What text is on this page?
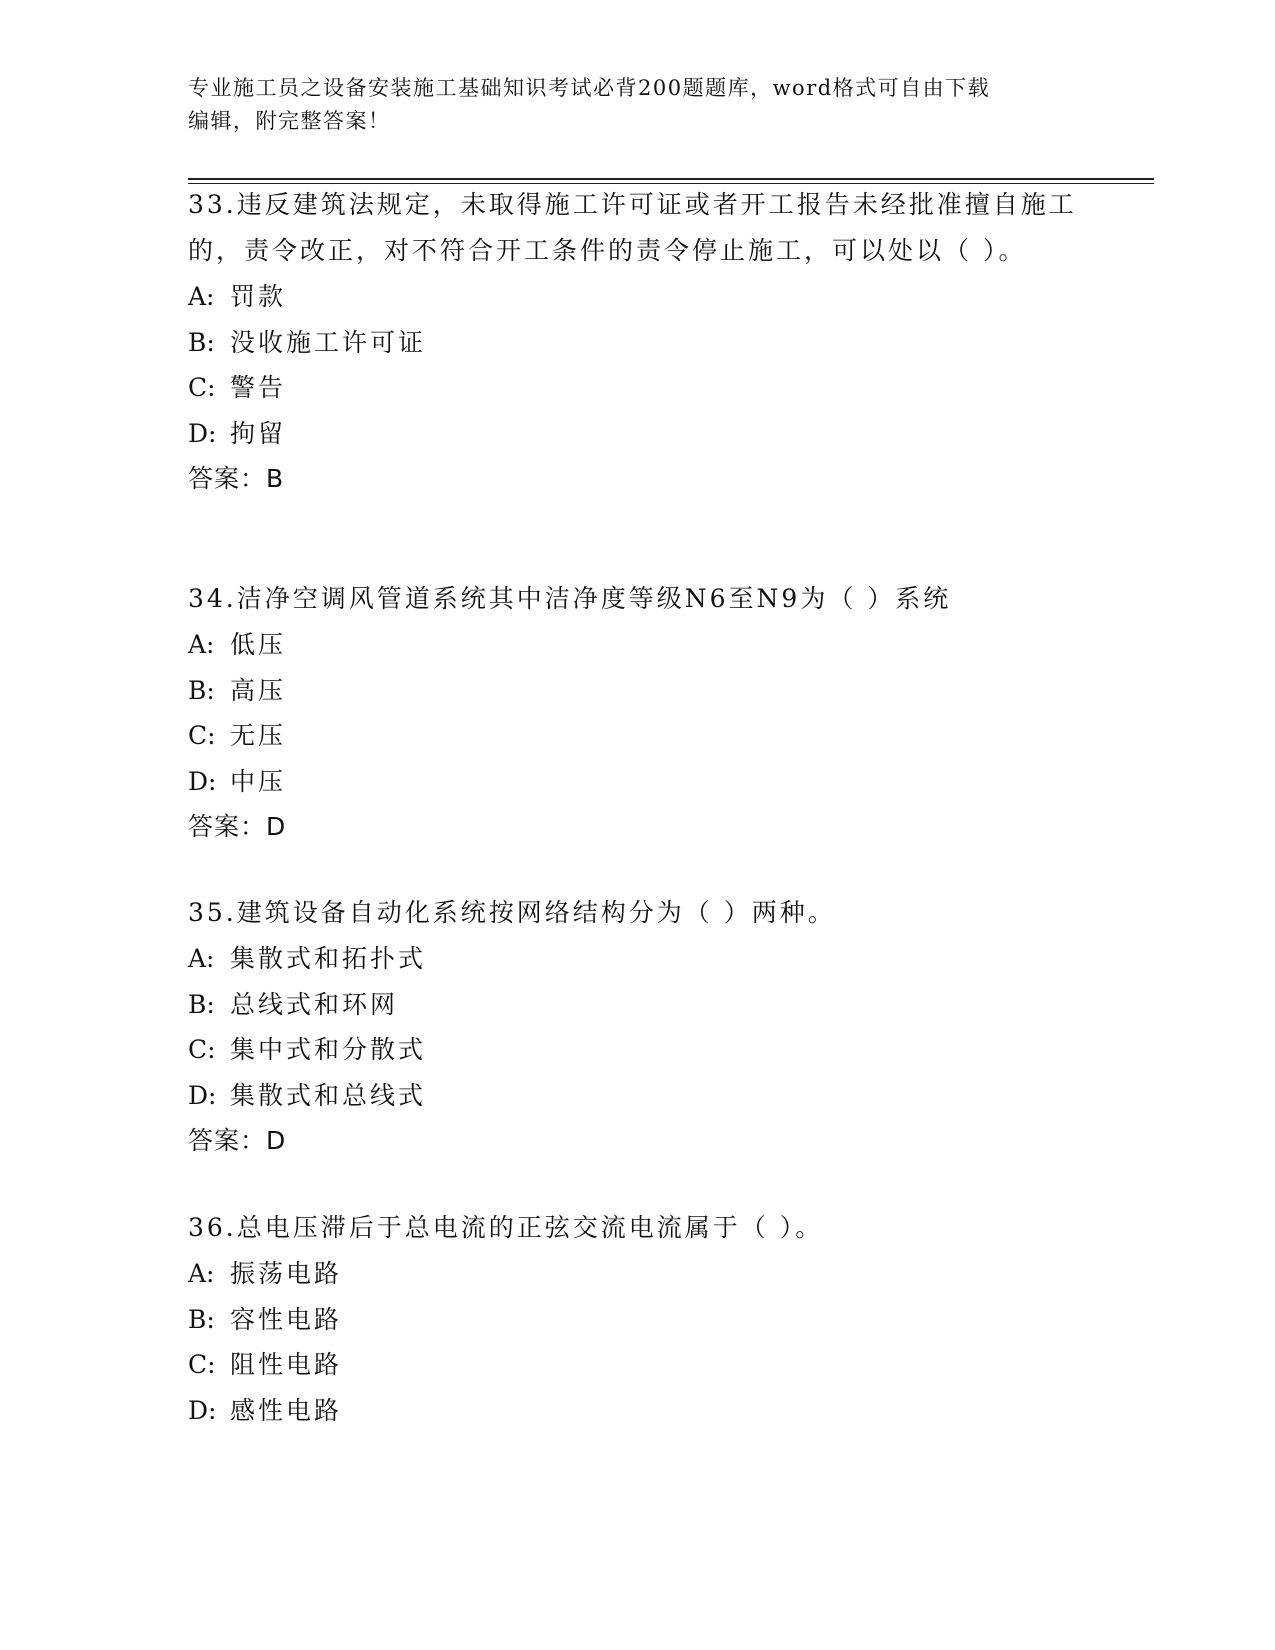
专业施工员之设备安装施工基础知识考试必背200题题库，word格式可自由下载
编辑，附完整答案！

33.违反建筑法规定，未取得施工许可证或者开工报告未经批准擅自施工的，责令改正，对不符合开工条件的责令停止施工，可以处以（ ）。

A: 罚款

B: 没收施工许可证

C: 警告

D: 拘留

答案：B

34.洁净空调风管道系统其中洁净度等级N6至N9为（ ）系统

A: 低压

B: 高压

C: 无压

D: 中压

答案：D

35.建筑设备自动化系统按网络结构分为（ ）两种。

A: 集散式和拓扑式

B: 总线式和环网

C: 集中式和分散式

D: 集散式和总线式

答案：D

36.总电压滞后于总电流的正弦交流电流属于（ ）。

A: 振荡电路

B: 容性电路

C: 阻性电路

D: 感性电路
